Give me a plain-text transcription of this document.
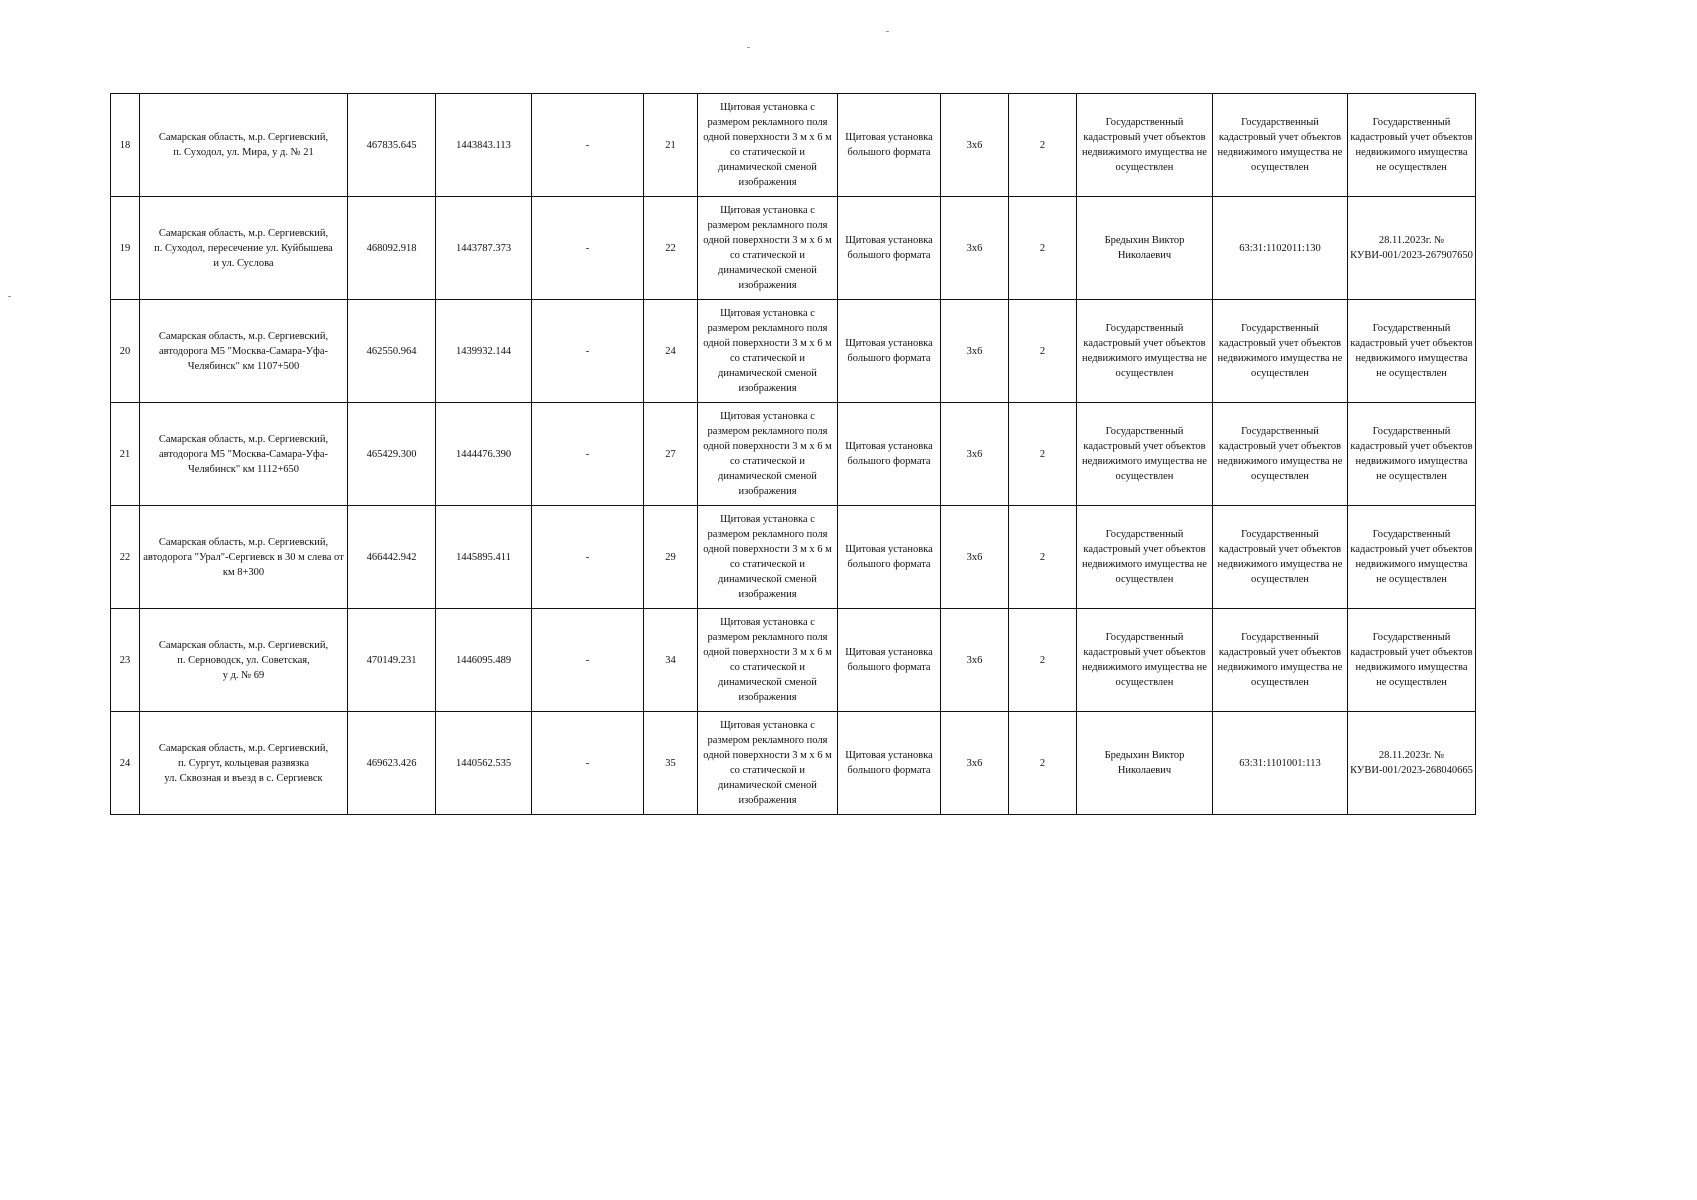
18	Самарская область, м.р. Сергиевский,
п. Суходол, ул. Мира, у д. № 21	467835.645	1443843.113	-	21	Щитовая установка с размером рекламного поля одной поверхности 3 м х 6 м со статической и динамической сменой изображения	Щитовая установка большого формата	3х6	2	Государственный кадастровый учет объектов недвижимого имущества не осуществлен	Государственный кадастровый учет объектов недвижимого имущества не осуществлен	Государственный кадастровый учет объектов недвижимого имущества не осуществлен
19	Самарская область, м.р. Сергиевский,
п. Суходол, пересечение ул. Куйбышева
и ул. Суслова	468092.918	1443787.373	-	22	Щитовая установка с размером рекламного поля одной поверхности 3 м х 6 м со статической и динамической сменой изображения	Щитовая установка большого формата	3х6	2	Бредыхин Виктор Николаевич	63:31:1102011:130	28.11.2023г. № КУВИ-001/2023-267907650
20	Самарская область, м.р. Сергиевский, автодорога М5 "Москва-Самара-Уфа-Челябинск" км 1107+500	462550.964	1439932.144	-	24	Щитовая установка с размером рекламного поля одной поверхности 3 м х 6 м со статической и динамической сменой изображения	Щитовая установка большого формата	3х6	2	Государственный кадастровый учет объектов недвижимого имущества не осуществлен	Государственный кадастровый учет объектов недвижимого имущества не осуществлен	Государственный кадастровый учет объектов недвижимого имущества не осуществлен
21	Самарская область, м.р. Сергиевский, автодорога М5 "Москва-Самара-Уфа-Челябинск" км 1112+650	465429.300	1444476.390	-	27	Щитовая установка с размером рекламного поля одной поверхности 3 м х 6 м со статической и динамической сменой изображения	Щитовая установка большого формата	3х6	2	Государственный кадастровый учет объектов недвижимого имущества не осуществлен	Государственный кадастровый учет объектов недвижимого имущества не осуществлен	Государственный кадастровый учет объектов недвижимого имущества не осуществлен
22	Самарская область, м.р. Сергиевский, автодорога "Урал"-Сергиевск в 30 м слева от км 8+300	466442.942	1445895.411	-	29	Щитовая установка с размером рекламного поля одной поверхности 3 м х 6 м со статической и динамической сменой изображения	Щитовая установка большого формата	3х6	2	Государственный кадастровый учет объектов недвижимого имущества не осуществлен	Государственный кадастровый учет объектов недвижимого имущества не осуществлен	Государственный кадастровый учет объектов недвижимого имущества не осуществлен
23	Самарская область, м.р. Сергиевский,
п. Серноводск, ул. Советская,
у д. № 69	470149.231	1446095.489	-	34	Щитовая установка с размером рекламного поля одной поверхности 3 м х 6 м со статической и динамической сменой изображения	Щитовая установка большого формата	3х6	2	Государственный кадастровый учет объектов недвижимого имущества не осуществлен	Государственный кадастровый учет объектов недвижимого имущества не осуществлен	Государственный кадастровый учет объектов недвижимого имущества не осуществлен
24	Самарская область, м.р. Сергиевский,
п. Сургут, кольцевая развязка
ул. Сквозная и въезд в с. Сергиевск	469623.426	1440562.535	-	35	Щитовая установка с размером рекламного поля одной поверхности 3 м х 6 м со статической и динамической сменой изображения	Щитовая установка большого формата	3х6	2	Бредыхин Виктор Николаевич	63:31:1101001:113	28.11.2023г. № КУВИ-001/2023-268040665
